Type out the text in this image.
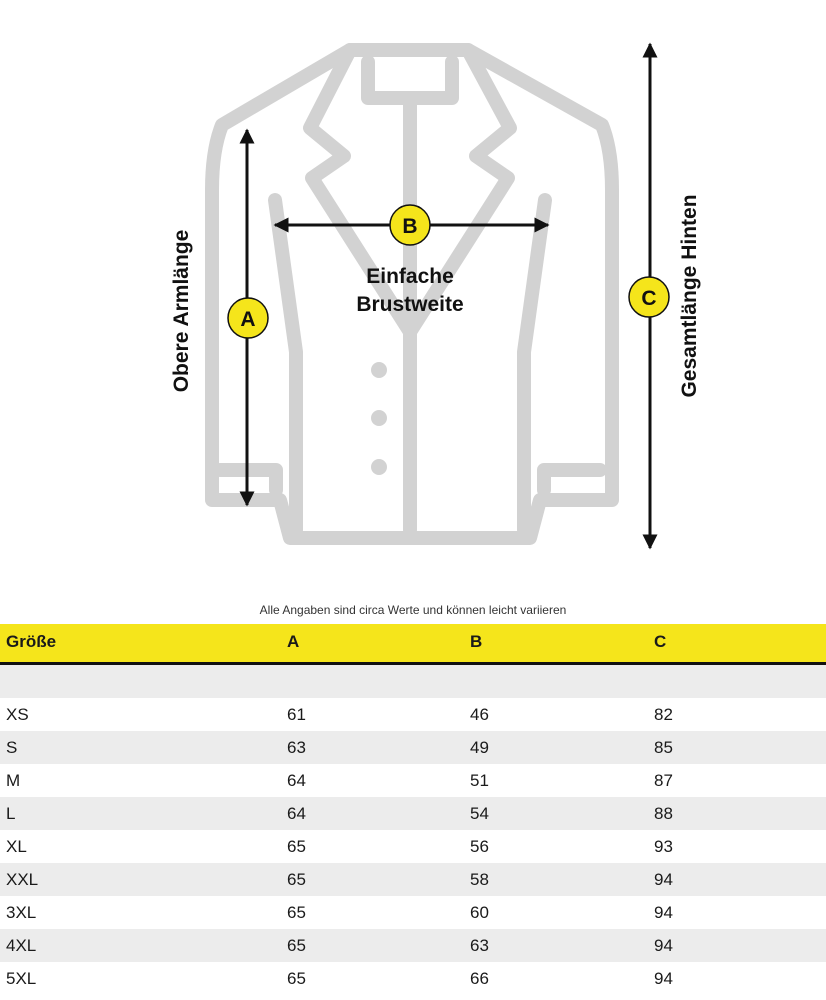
A
B
C
Obere Armlänge	Gesamtlänge Hinten
Einfache
Brustweite
Alle Angaben sind circa Werte und können leicht variieren
Größe	A	B	C
XS	61	46	82
S	63	49	85
M	64	51	87
L	64	54	88
XL	65	56	93
XXL	65	58	94
3XL	65	60	94
4XL	65	63	94
5XL	65	66	94
